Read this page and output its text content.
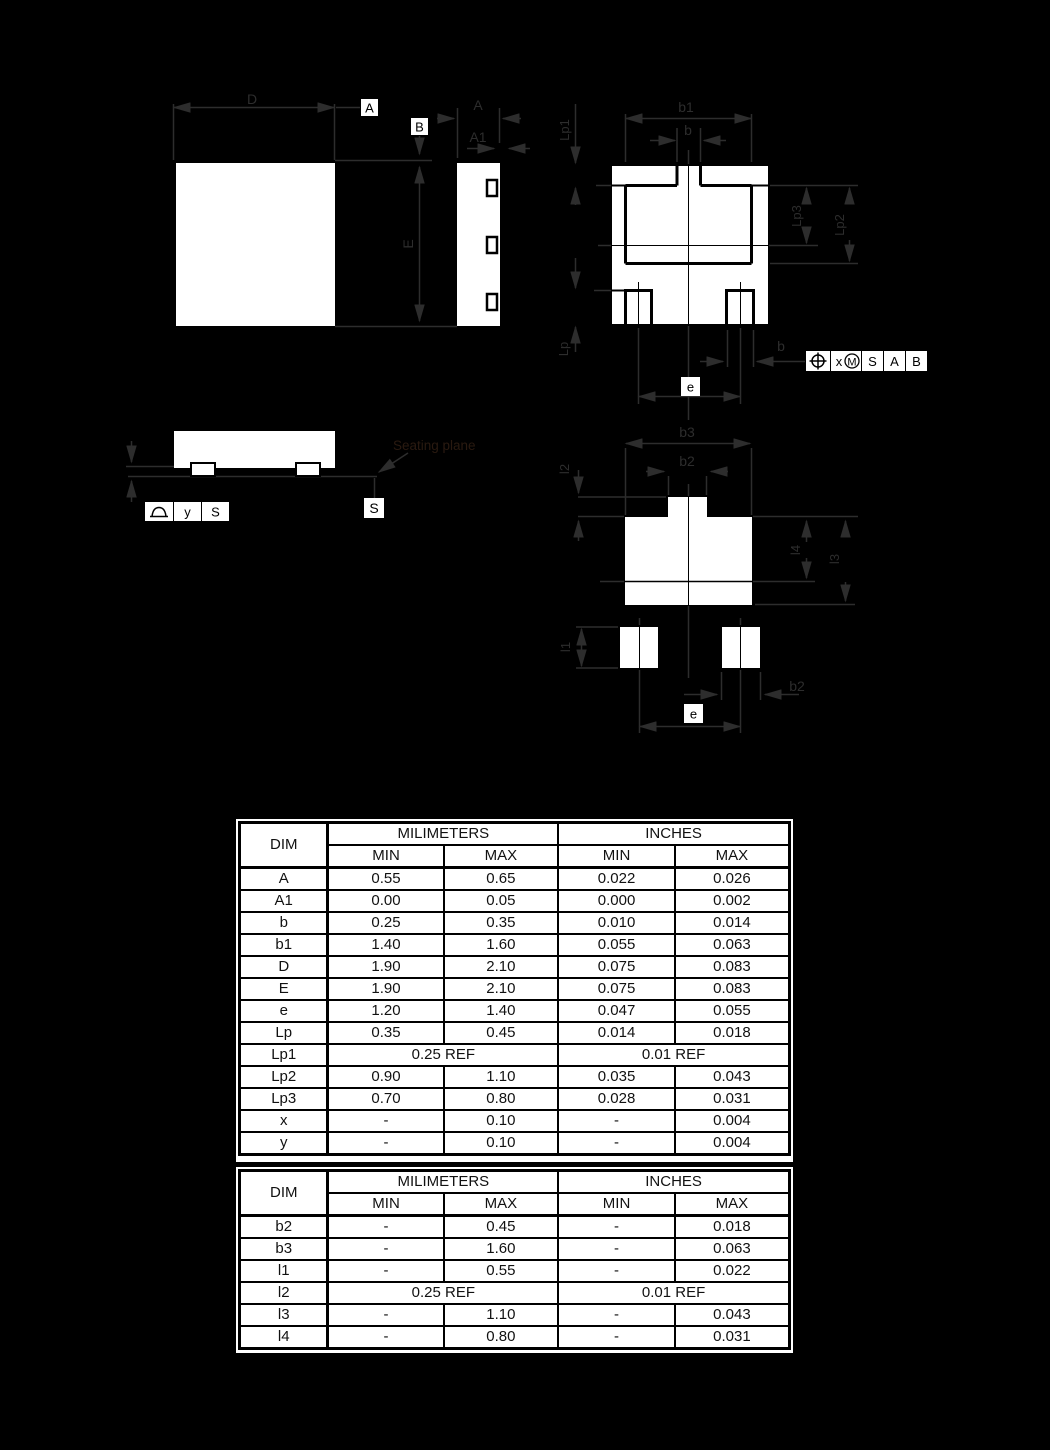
D
E
A
B
A
A1
b1
b
Lp1
Lp
Lp3 Lp2
b
x M S A B
e
Seating plane
S
y S
b3
b2
l2
l4
l3
l1
b2
e
DIM	MILIMETERS		INCHES	
	MIN	MAX	MIN	MAX
A	0.55	0.65	0.022	0.026
A1	0.00	0.05	0.000	0.002
b	0.25	0.35	0.010	0.014
b1	1.40	1.60	0.055	0.063
D	1.90	2.10	0.075	0.083
E	1.90	2.10	0.075	0.083
e	1.20	1.40	0.047	0.055
Lp	0.35	0.45	0.014	0.018
Lp1	0.25 REF		0.01 REF	
Lp2	0.90	1.10	0.035	0.043
Lp3	0.70	0.80	0.028	0.031
x	-	0.10	-	0.004
y	-	0.10	-	0.004
DIM	MILIMETERS		INCHES	
	MIN	MAX	MIN	MAX
b2	-	0.45	-	0.018
b3	-	1.60	-	0.063
l1	-	0.55	-	0.022
l2	0.25 REF		0.01 REF	
l3	-	1.10	-	0.043
l4	-	0.80	-	0.031
